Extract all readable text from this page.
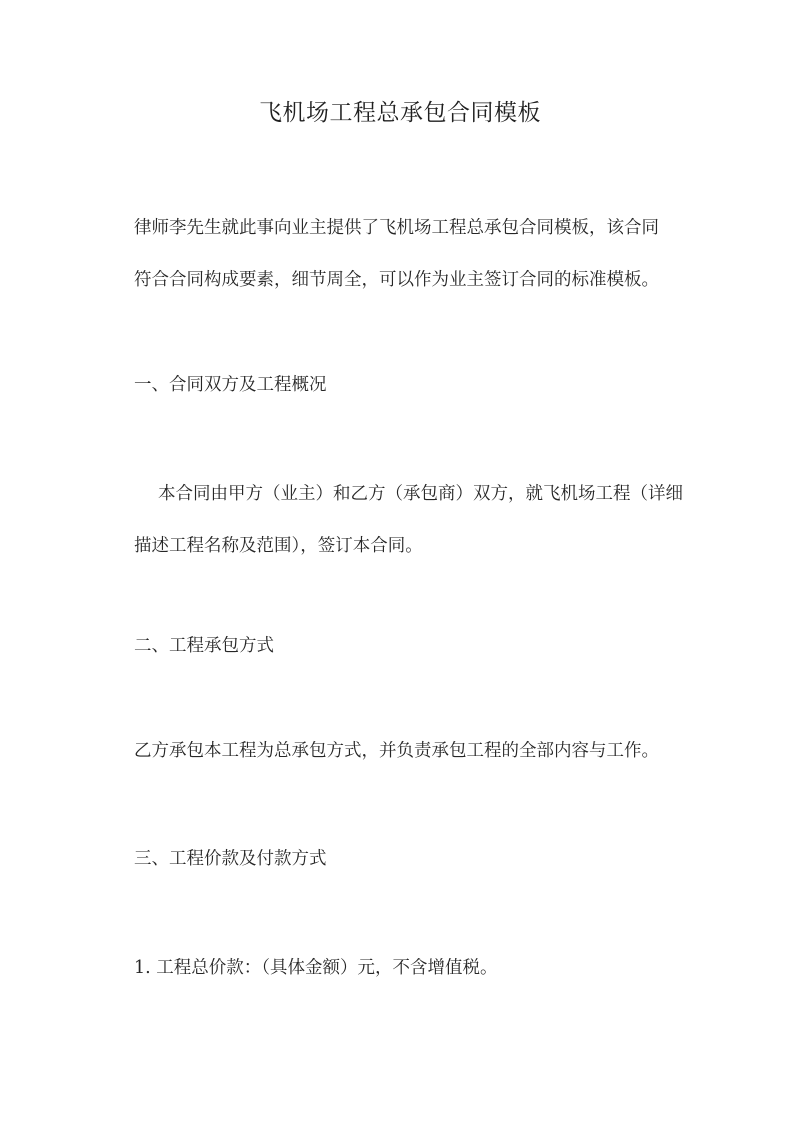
飞机场工程总承包合同模板
律师李先生就此事向业主提供了飞机场工程总承包合同模板，该合同
符合合同构成要素，细节周全，可以作为业主签订合同的标准模板。
一、合同双方及工程概况
本合同由甲方（业主）和乙方（承包商）双方，就飞机场工程（详细
描述工程名称及范围），签订本合同。
二、工程承包方式
乙方承包本工程为总承包方式，并负责承包工程的全部内容与工作。
三、工程价款及付款方式
1. 工程总价款：（具体金额）元，不含增值税。
